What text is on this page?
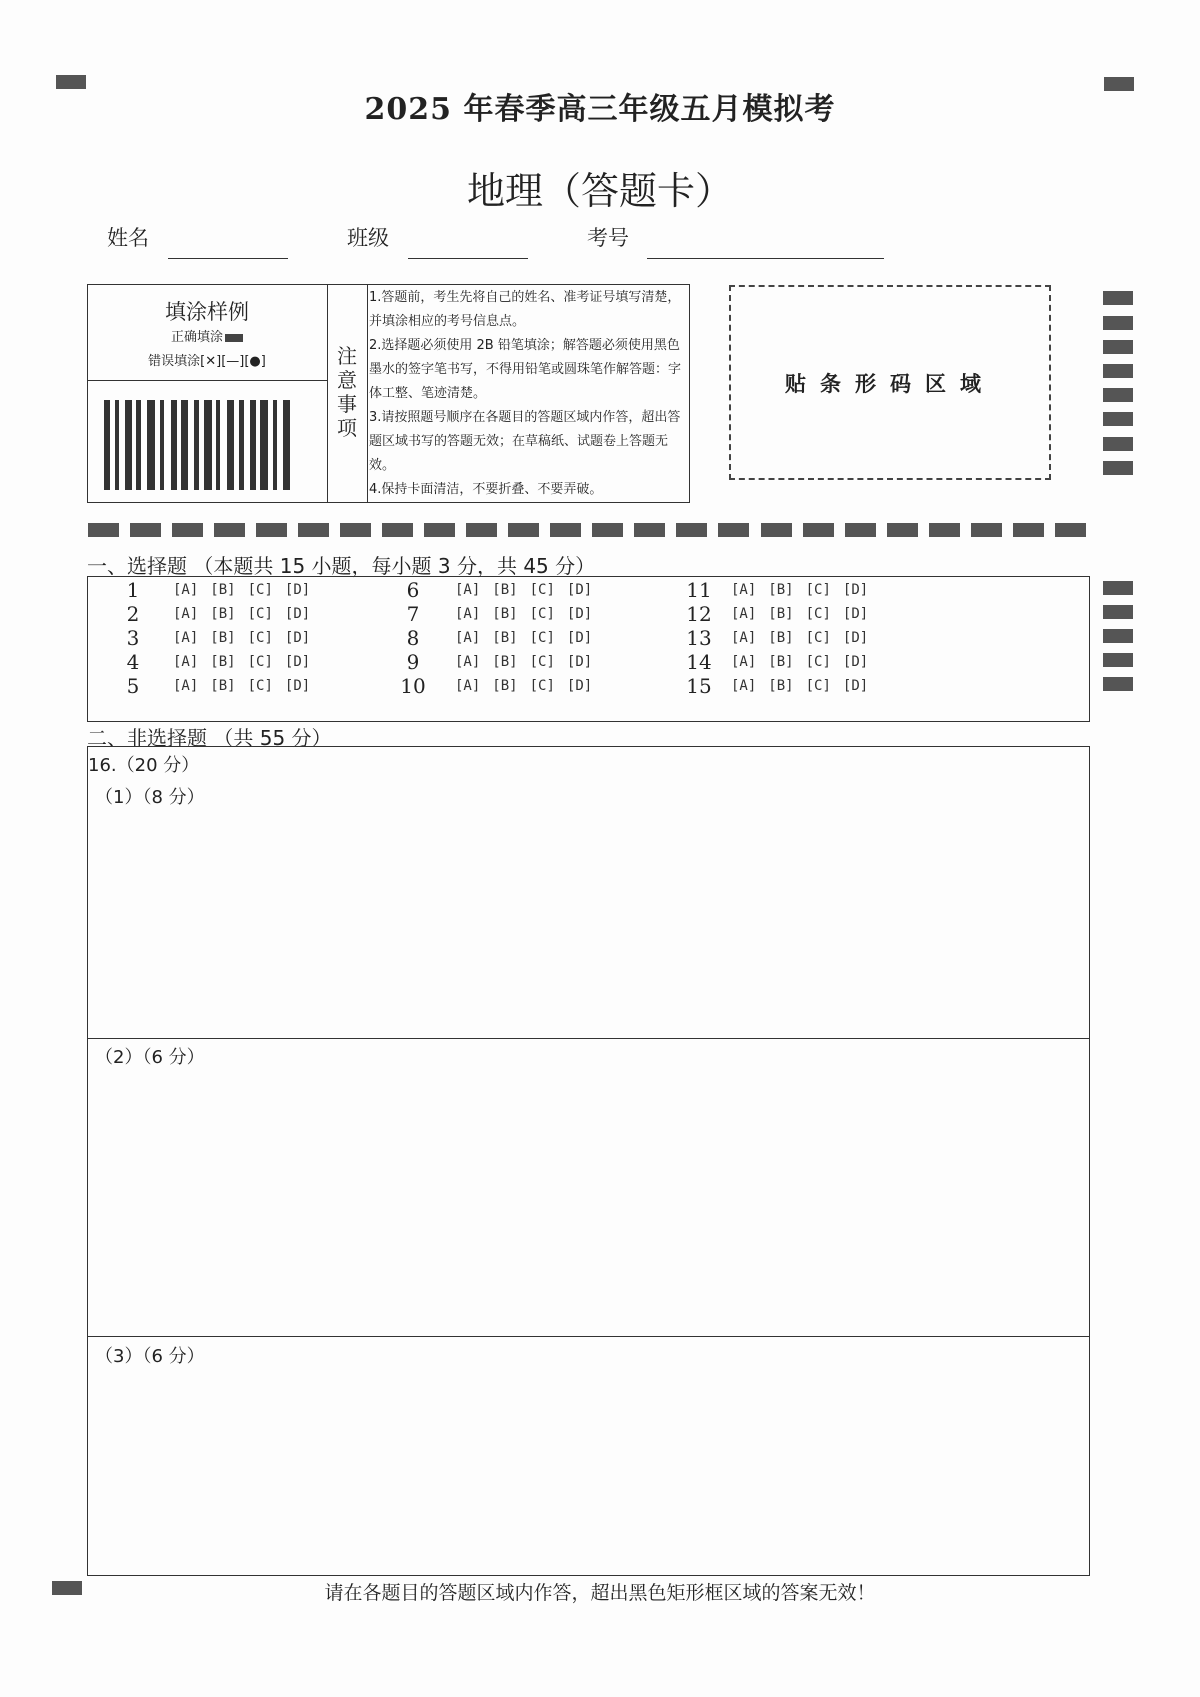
2025 年春季高三年级五月模拟考
地理（答题卡）
姓名	班级	考号
填涂样例
正确填涂
错误填涂[✕][—][●]	注
意
事
项
1.答题前，考生先将自己的姓名、准考证号填写清楚，并填涂相应的考号信息点。
2.选择题必须使用 2B 铅笔填涂；解答题必须使用黑色墨水的签字笔书写，不得用铅笔或圆珠笔作解答题：字体工整、笔迹清楚。
3.请按照题号顺序在各题目的答题区域内作答，超出答题区域书写的答题无效；在草稿纸、试题卷上答题无效。
4.保持卡面清洁，不要折叠、不要弄破。
贴条形码区域
一、选择题 （本题共 15 小题，每小题 3 分，共 45 分）
1	[A] [B] [C] [D]
2	[A] [B] [C] [D]
3	[A] [B] [C] [D]
4	[A] [B] [C] [D]
5	[A] [B] [C] [D]
6	[A] [B] [C] [D]
7	[A] [B] [C] [D]
8	[A] [B] [C] [D]
9	[A] [B] [C] [D]
10	[A] [B] [C] [D]
11	[A] [B] [C] [D]
12	[A] [B] [C] [D]
13	[A] [B] [C] [D]
14	[A] [B] [C] [D]
15	[A] [B] [C] [D]
二、非选择题 （共 55 分）
16.（20 分）
（1）（8 分）
（2）（6 分）
（3）（6 分）
请在各题目的答题区域内作答，超出黑色矩形框区域的答案无效！
